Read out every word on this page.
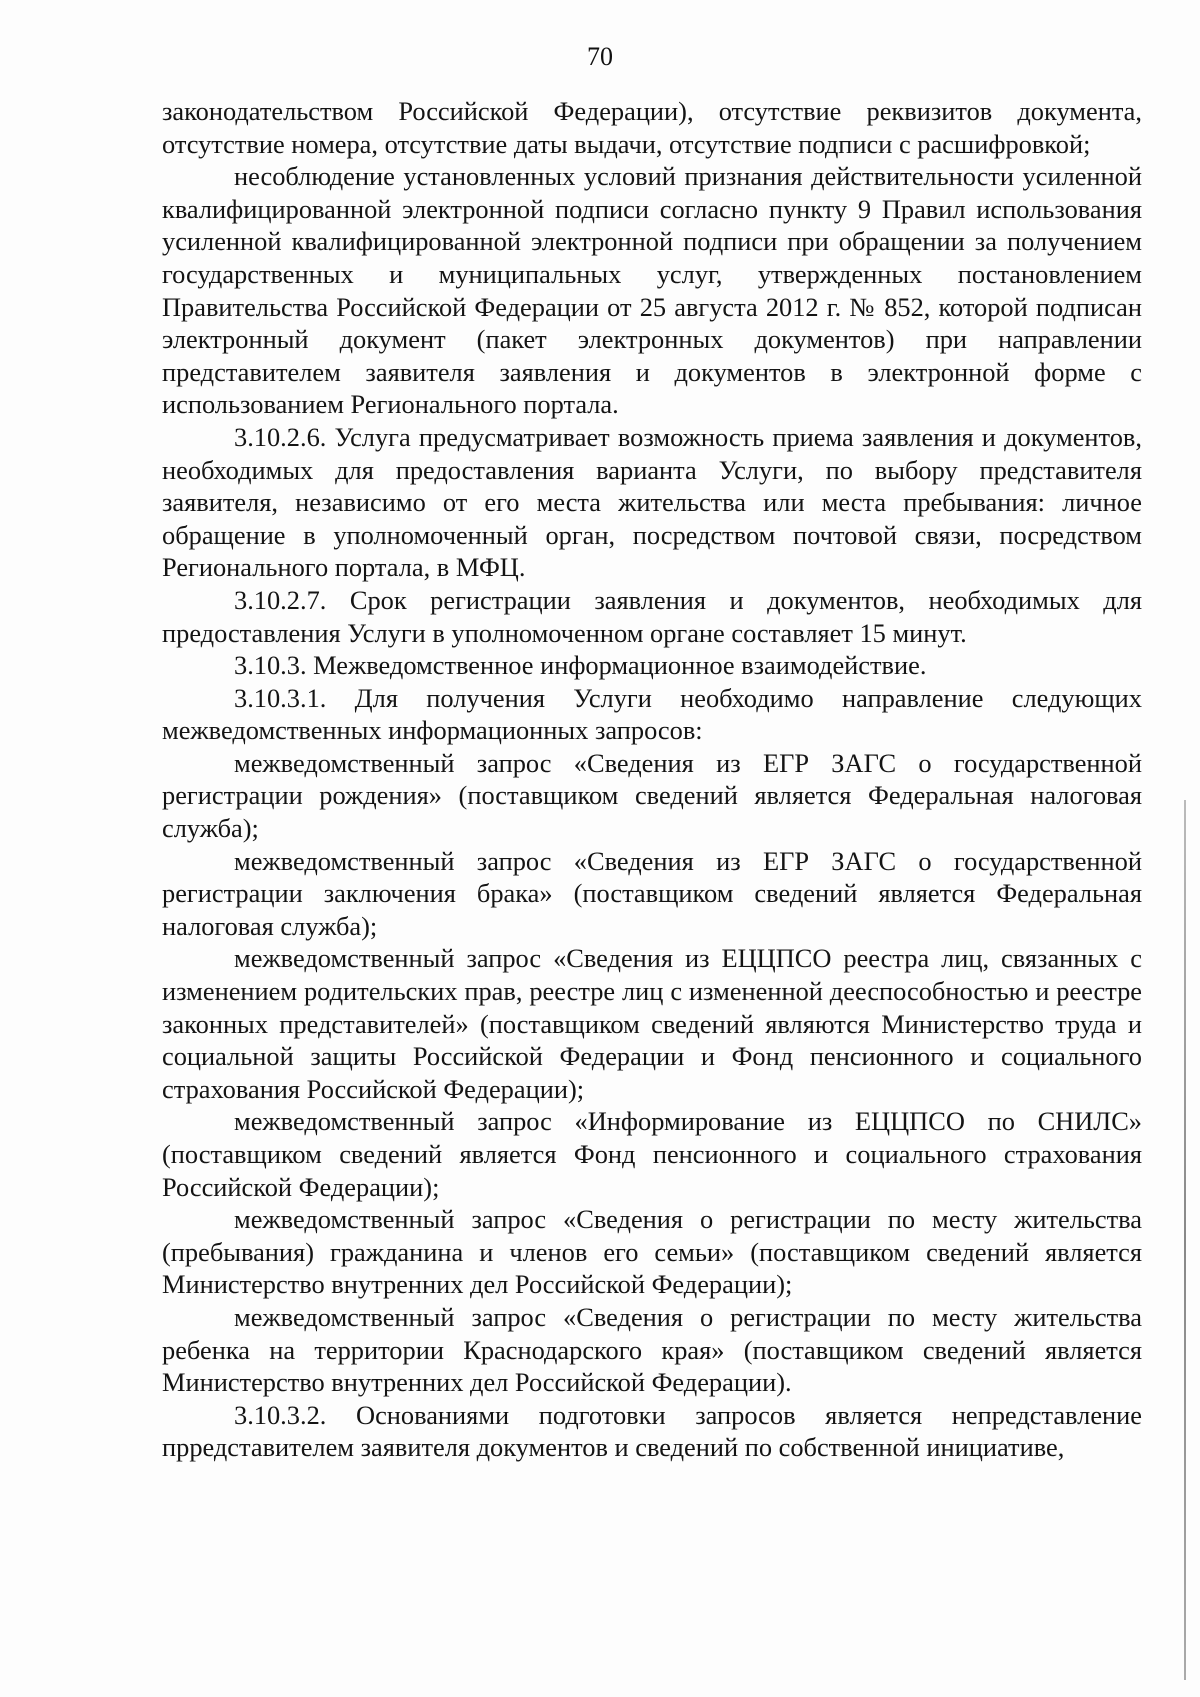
70

законодательством Российской Федерации), отсутствие реквизитов документа, отсутствие номера, отсутствие даты выдачи, отсутствие подписи с расшифровкой;

несоблюдение установленных условий признания действительности усиленной квалифицированной электронной подписи согласно пункту 9 Правил использования усиленной квалифицированной электронной подписи при обращении за получением государственных и муниципальных услуг, утвержденных постановлением Правительства Российской Федерации от 25 августа 2012 г. № 852, которой подписан электронный документ (пакет электронных документов) при направлении представителем заявителя заявления и документов в электронной форме с использованием Регионального портала.

3.10.2.6. Услуга предусматривает возможность приема заявления и документов, необходимых для предоставления варианта Услуги, по выбору представителя заявителя, независимо от его места жительства или места пребывания: личное обращение в уполномоченный орган, посредством почтовой связи, посредством Регионального портала, в МФЦ.

3.10.2.7. Срок регистрации заявления и документов, необходимых для предоставления Услуги в уполномоченном органе составляет 15 минут.

3.10.3. Межведомственное информационное взаимодействие.

3.10.3.1. Для получения Услуги необходимо направление следующих межведомственных информационных запросов:

межведомственный запрос «Сведения из ЕГР ЗАГС о государственной регистрации рождения» (поставщиком сведений является Федеральная налоговая служба);

межведомственный запрос «Сведения из ЕГР ЗАГС о государственной регистрации заключения брака» (поставщиком сведений является Федеральная налоговая служба);

межведомственный запрос «Сведения из ЕЦЦПСО реестра лиц, связанных с изменением родительских прав, реестре лиц с измененной дееспособностью и реестре законных представителей» (поставщиком сведений являются Министерство труда и социальной защиты Российской Федерации и Фонд пенсионного и социального страхования Российской Федерации);

межведомственный запрос «Информирование из ЕЦЦПСО по СНИЛС» (поставщиком сведений является Фонд пенсионного и социального страхования Российской Федерации);

межведомственный запрос «Сведения о регистрации по месту жительства (пребывания) гражданина и членов его семьи» (поставщиком сведений является Министерство внутренних дел Российской Федерации);

межведомственный запрос «Сведения о регистрации по месту жительства ребенка на территории Краснодарского края» (поставщиком сведений является Министерство внутренних дел Российской Федерации).

3.10.3.2. Основаниями подготовки запросов является непредставление прредставителем заявителя документов и сведений по собственной инициативе,
